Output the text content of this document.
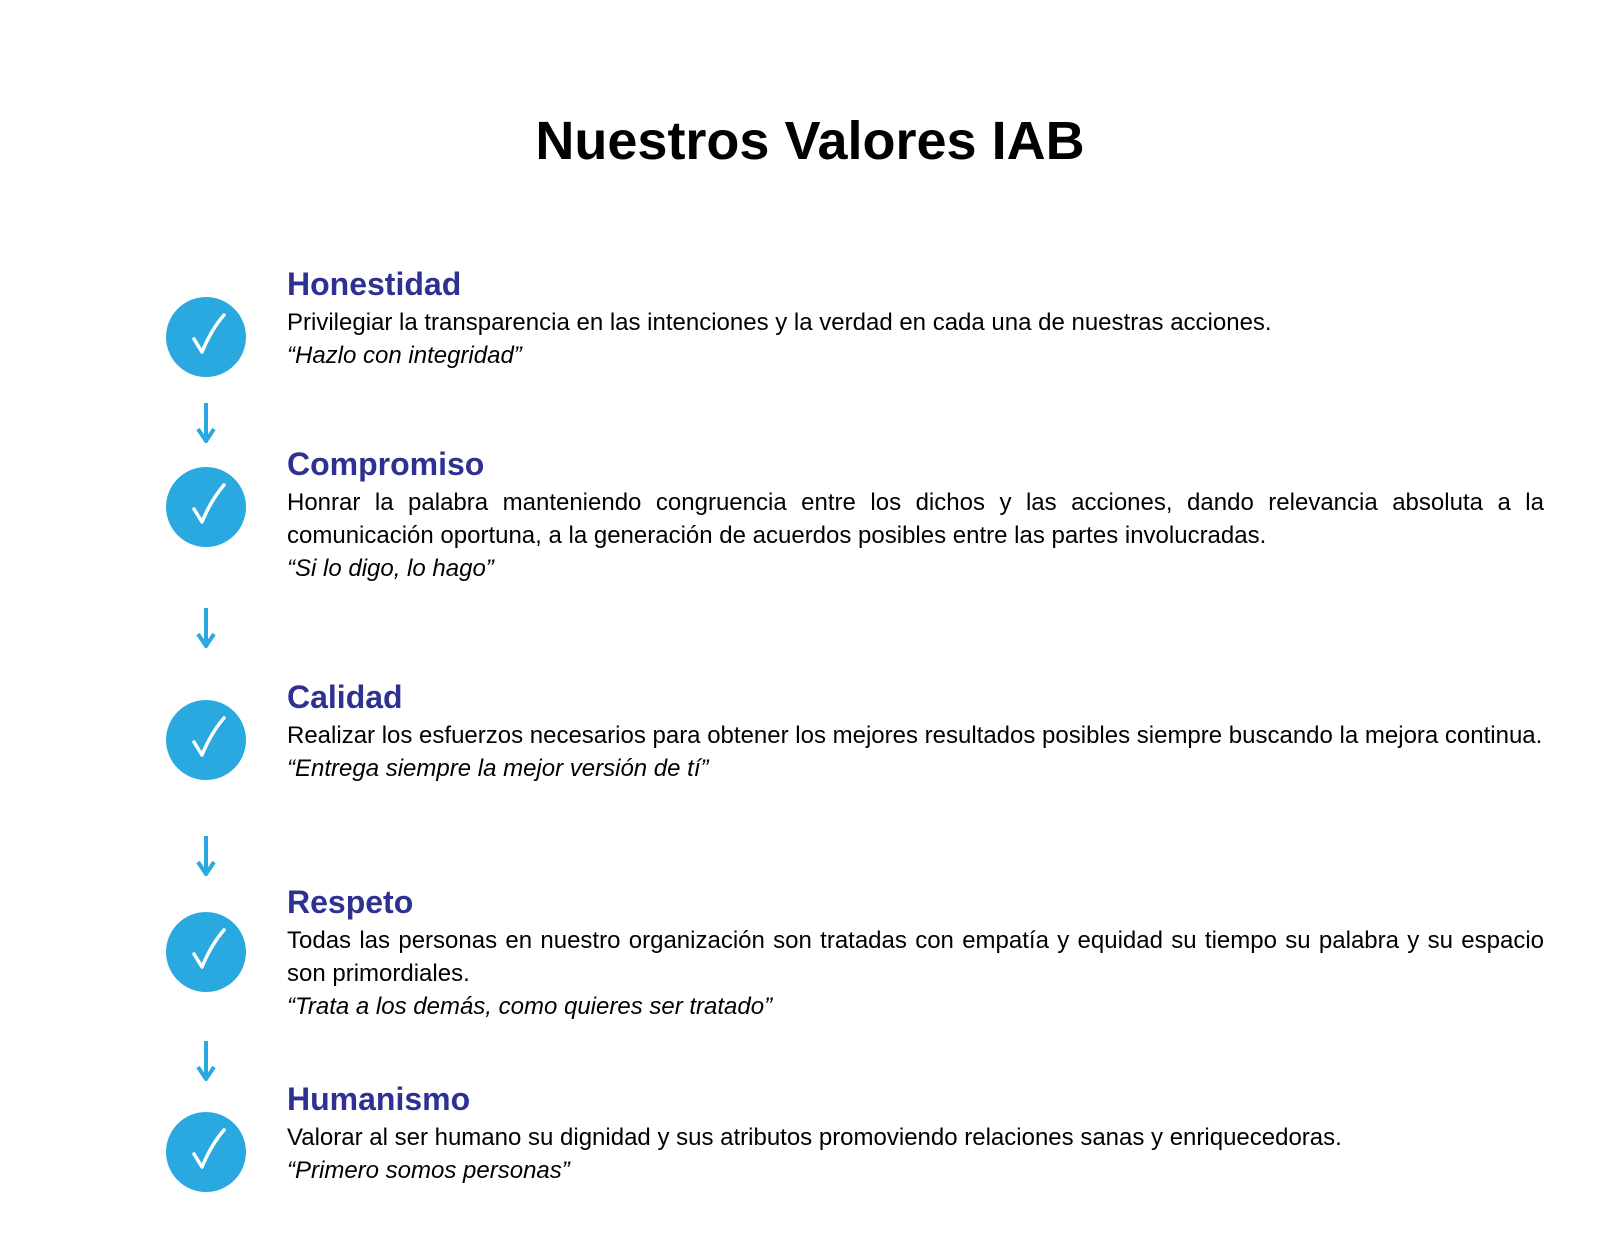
Nuestros Valores IAB

Honestidad

Privilegiar la transparencia en las intenciones y la verdad en cada una de nuestras acciones.

“Hazlo con integridad”

Compromiso

Honrar la palabra manteniendo congruencia entre los dichos y las acciones, dando relevancia absoluta a la comunicación oportuna, a la generación de acuerdos posibles entre las partes involucradas.

“Si lo digo, lo hago”

Calidad

Realizar los esfuerzos necesarios para obtener los mejores resultados posibles siempre buscando la mejora continua.

“Entrega siempre la mejor versión de tí”

Respeto

Todas las personas en nuestro organización son tratadas con empatía y equidad su tiempo su palabra y su espacio son primordiales.

“Trata a los demás, como quieres ser tratado”

Humanismo

Valorar al ser humano su dignidad y sus atributos promoviendo relaciones sanas y enriquecedoras.

“Primero somos personas”
